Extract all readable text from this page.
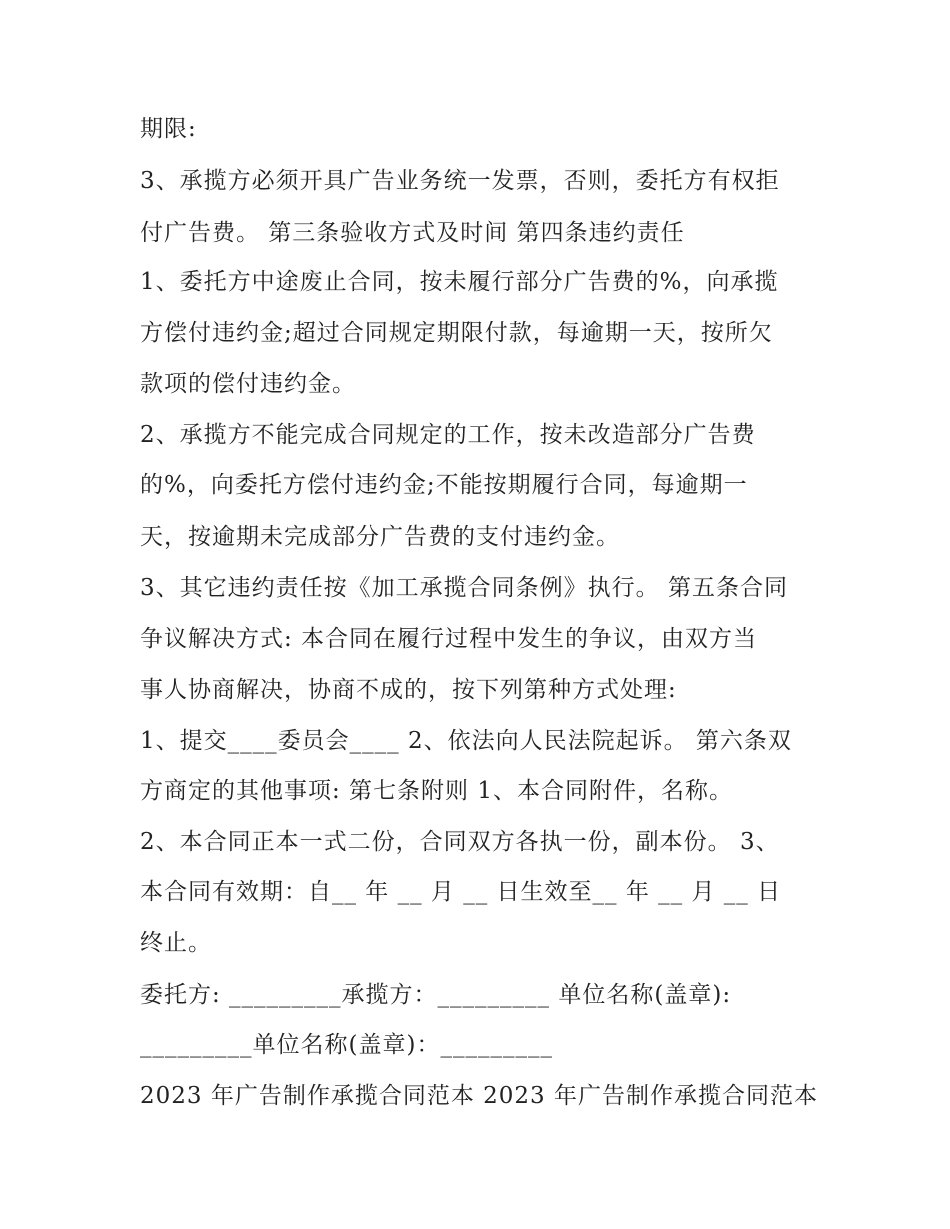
期限:
3、承揽方必须开具广告业务统一发票，否则，委托方有权拒
付广告费。 第三条验收方式及时间 第四条违约责任
1、委托方中途废止合同，按未履行部分广告费的%，向承揽
方偿付违约金;超过合同规定期限付款，每逾期一天，按所欠
款项的偿付违约金。
2、承揽方不能完成合同规定的工作，按未改造部分广告费
的%，向委托方偿付违约金;不能按期履行合同，每逾期一
天，按逾期未完成部分广告费的支付违约金。
3、其它违约责任按《加工承揽合同条例》执行。 第五条合同
争议解决方式: 本合同在履行过程中发生的争议，由双方当
事人协商解决，协商不成的，按下列第种方式处理:
1、提交____委员会____ 2、依法向人民法院起诉。 第六条双
方商定的其他事项: 第七条附则 1、本合同附件，名称。
2、本合同正本一式二份，合同双方各执一份，副本份。 3、
本合同有效期：自__ 年 __ 月 __ 日生效至__ 年 __ 月 __ 日
终止。
委托方: _________承揽方：_________ 单位名称(盖章):
_________单位名称(盖章)：_________
2023 年广告制作承揽合同范本 2023 年广告制作承揽合同范本
